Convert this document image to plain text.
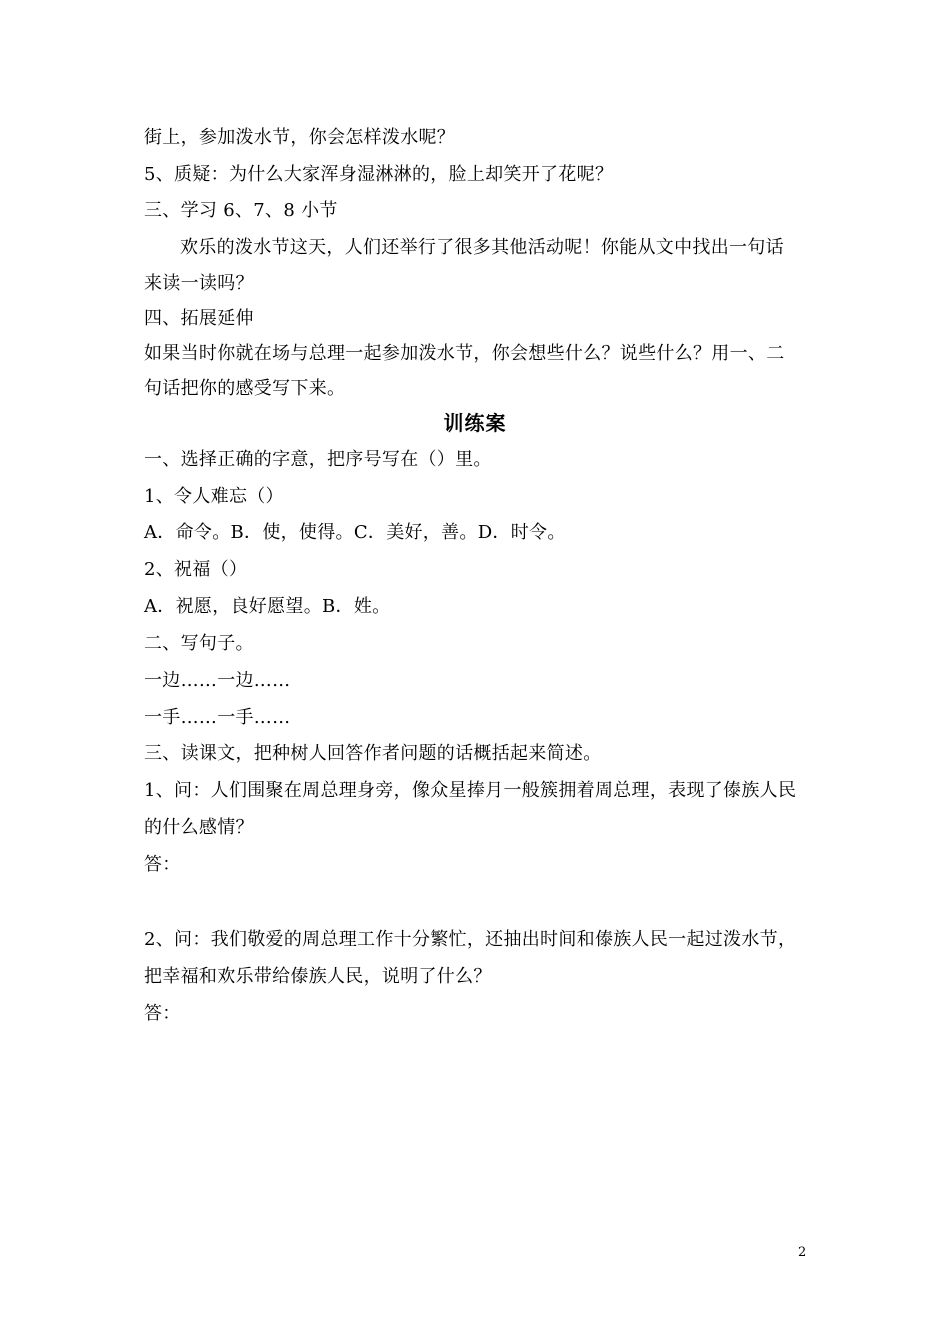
街上，参加泼水节，你会怎样泼水呢？
5、质疑：为什么大家浑身湿淋淋的，脸上却笑开了花呢？
三、学习 6、7、8 小节
欢乐的泼水节这天，人们还举行了很多其他活动呢！你能从文中找出一句话
来读一读吗？
四、拓展延伸
如果当时你就在场与总理一起参加泼水节，你会想些什么？说些什么？用一、二
句话把你的感受写下来。
训练案
一、选择正确的字意，把序号写在（）里。
1、令人难忘（）
A．命令。B．使，使得。C．美好，善。D．时令。
2、祝福（）
A．祝愿，良好愿望。B．姓。
二、写句子。
一边……一边……
一手……一手……
三、读课文，把种树人回答作者问题的话概括起来简述。
1、问：人们围聚在周总理身旁，像众星捧月一般簇拥着周总理，表现了傣族人民
的什么感情？
答：
2、问：我们敬爱的周总理工作十分繁忙，还抽出时间和傣族人民一起过泼水节，
把幸福和欢乐带给傣族人民，说明了什么？
答：
2
